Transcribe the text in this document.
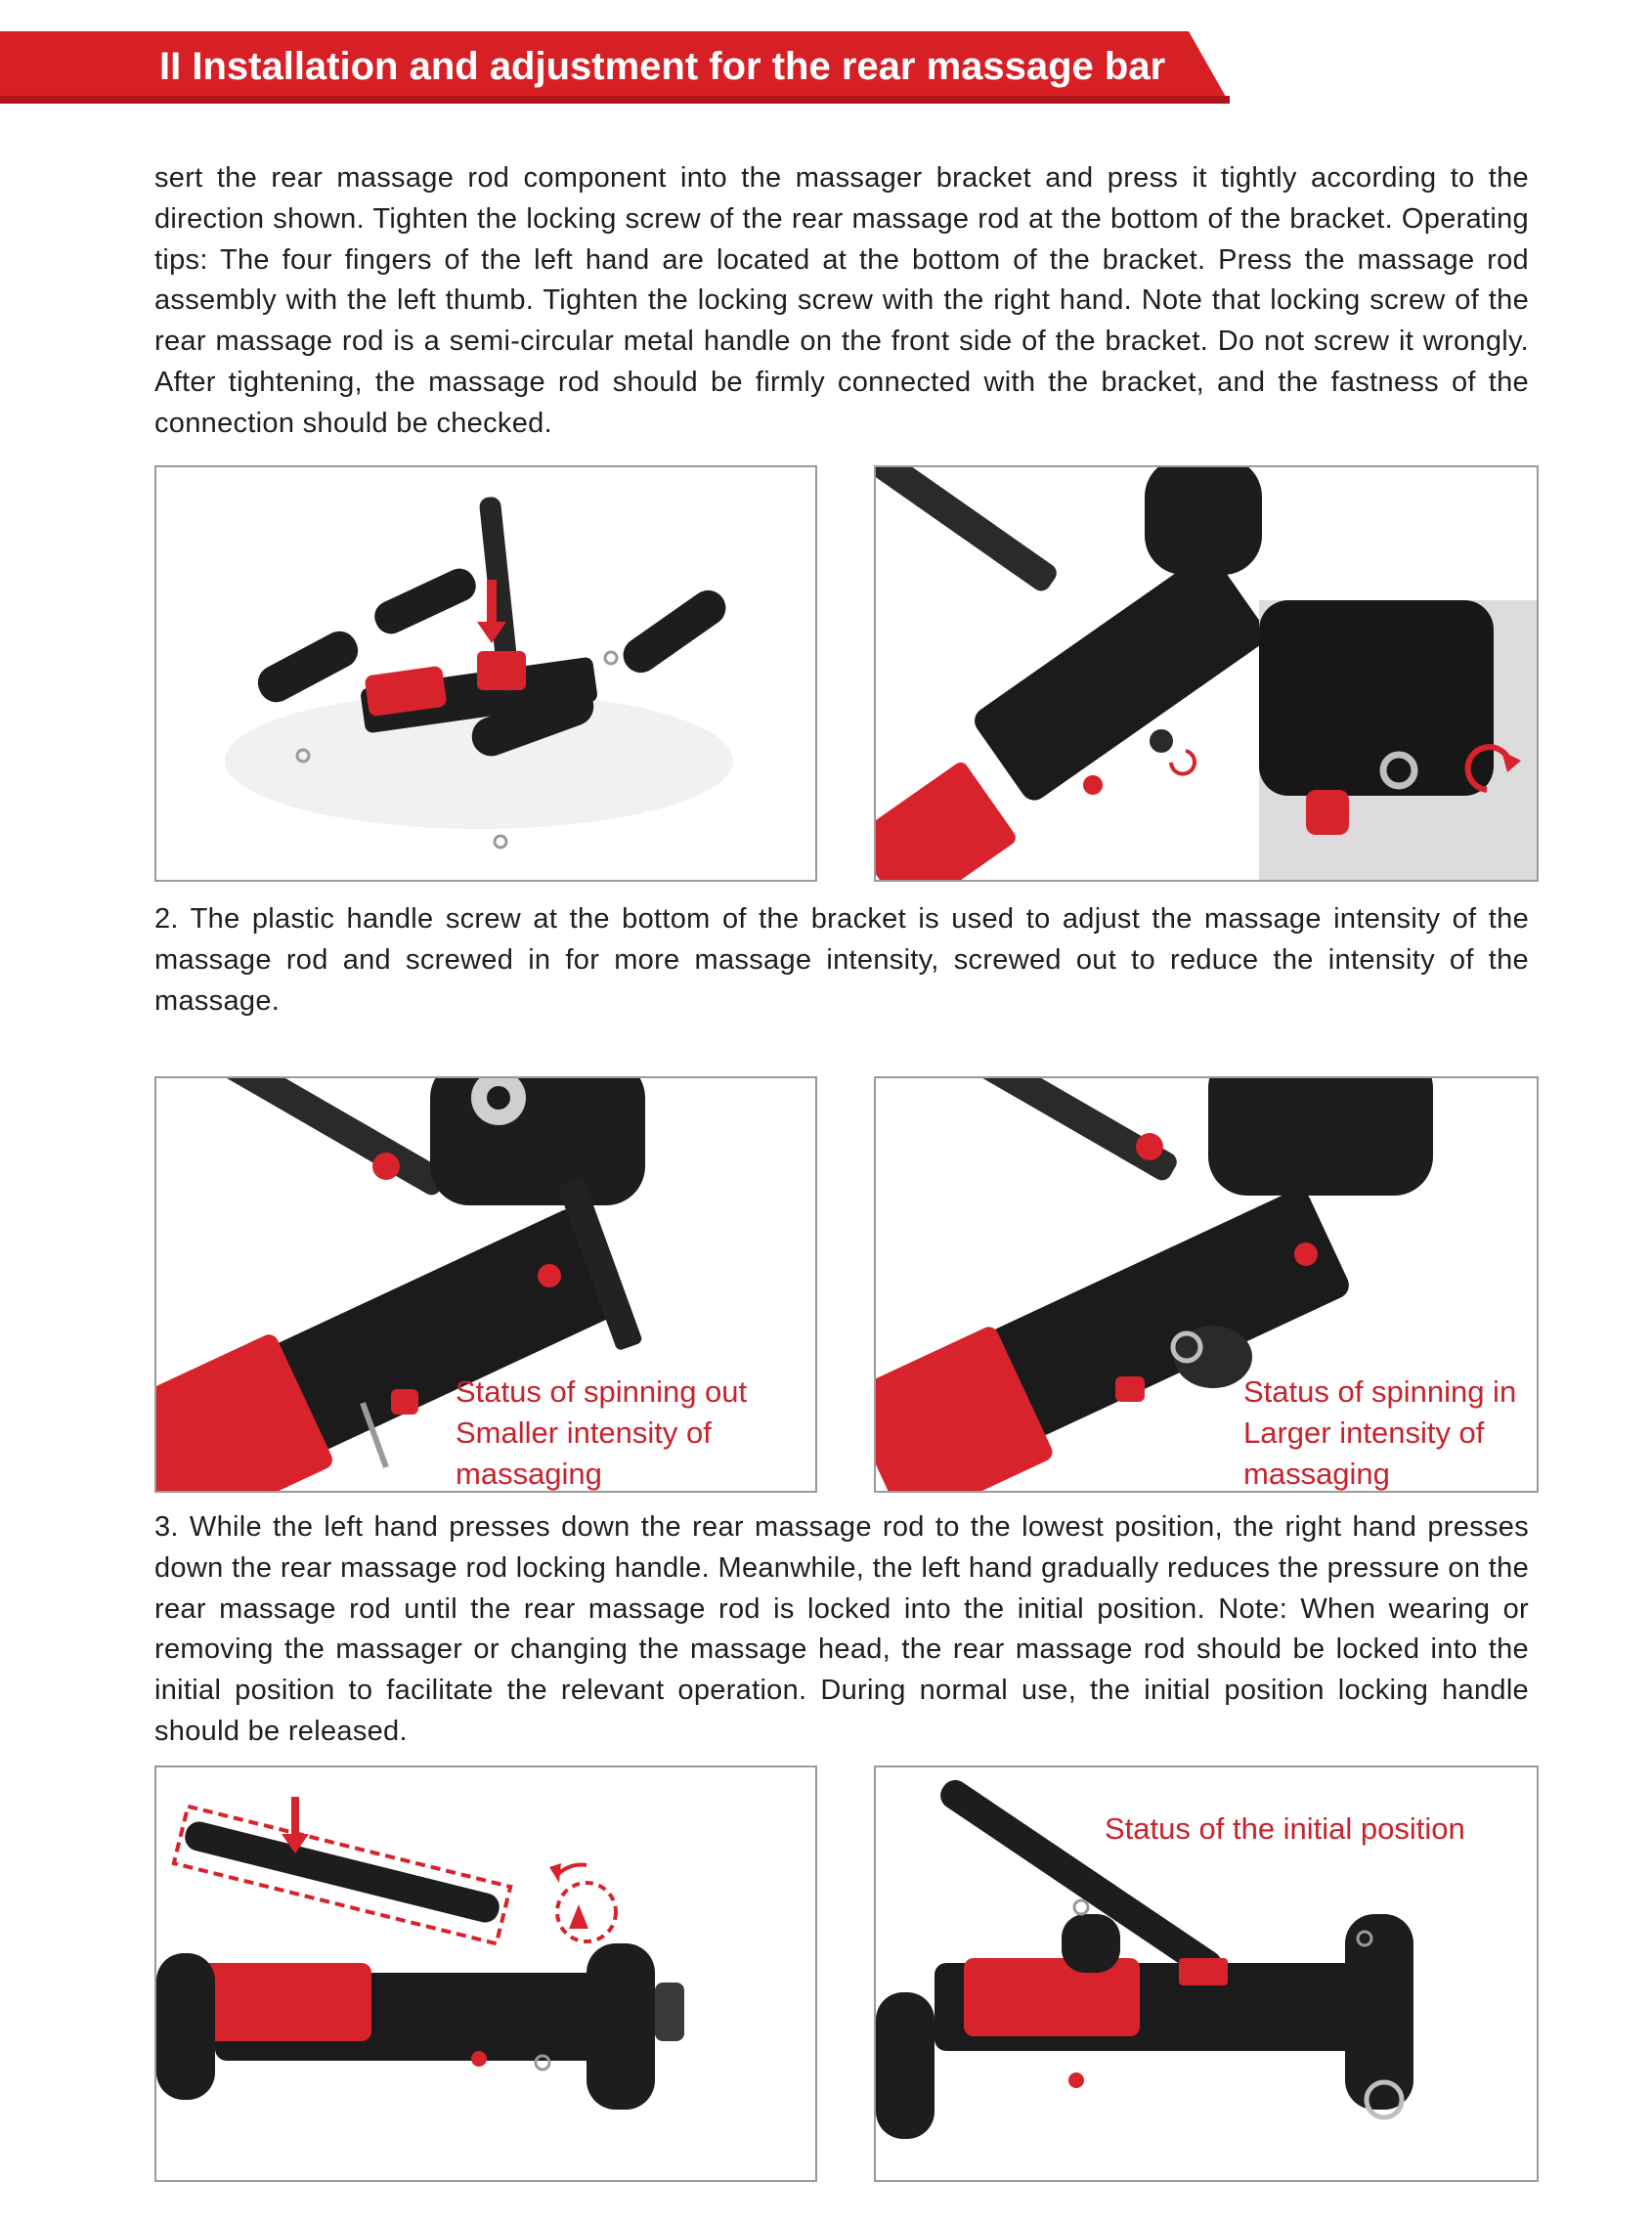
II Installation and adjustment for the rear massage bar
sert the rear massage rod component into the massager bracket and press it tightly according to the direction shown. Tighten the locking screw of the rear massage rod at the bottom of the bracket. Operating tips: The four fingers of the left hand are located at the bottom of the bracket. Press the massage rod assembly with the left thumb. Tighten the locking screw with the right hand. Note that locking screw of the rear massage rod is a semi-circular metal handle on the front side of the bracket. Do not screw it wrongly. After tightening, the massage rod should be firmly connected with the bracket, and the fastness of the connection should be checked.
2. The plastic handle screw at the bottom of the bracket is used to adjust the massage intensity of the massage rod and screwed in for more massage intensity, screwed out to reduce the intensity of the massage.
Status of spinning out
Smaller intensity of
massaging
Status of spinning in
Larger intensity of
massaging
3. While the left hand presses down the rear massage rod to the lowest position, the right hand presses down the rear massage rod locking handle. Meanwhile, the left hand gradually reduces the pressure on the rear massage rod until the rear massage rod is locked into the initial position. Note: When wearing or removing the massager or changing the massage head, the rear massage rod should be locked into the initial position to facilitate the relevant operation. During normal use, the initial position locking handle should be released.
Status of the initial position
